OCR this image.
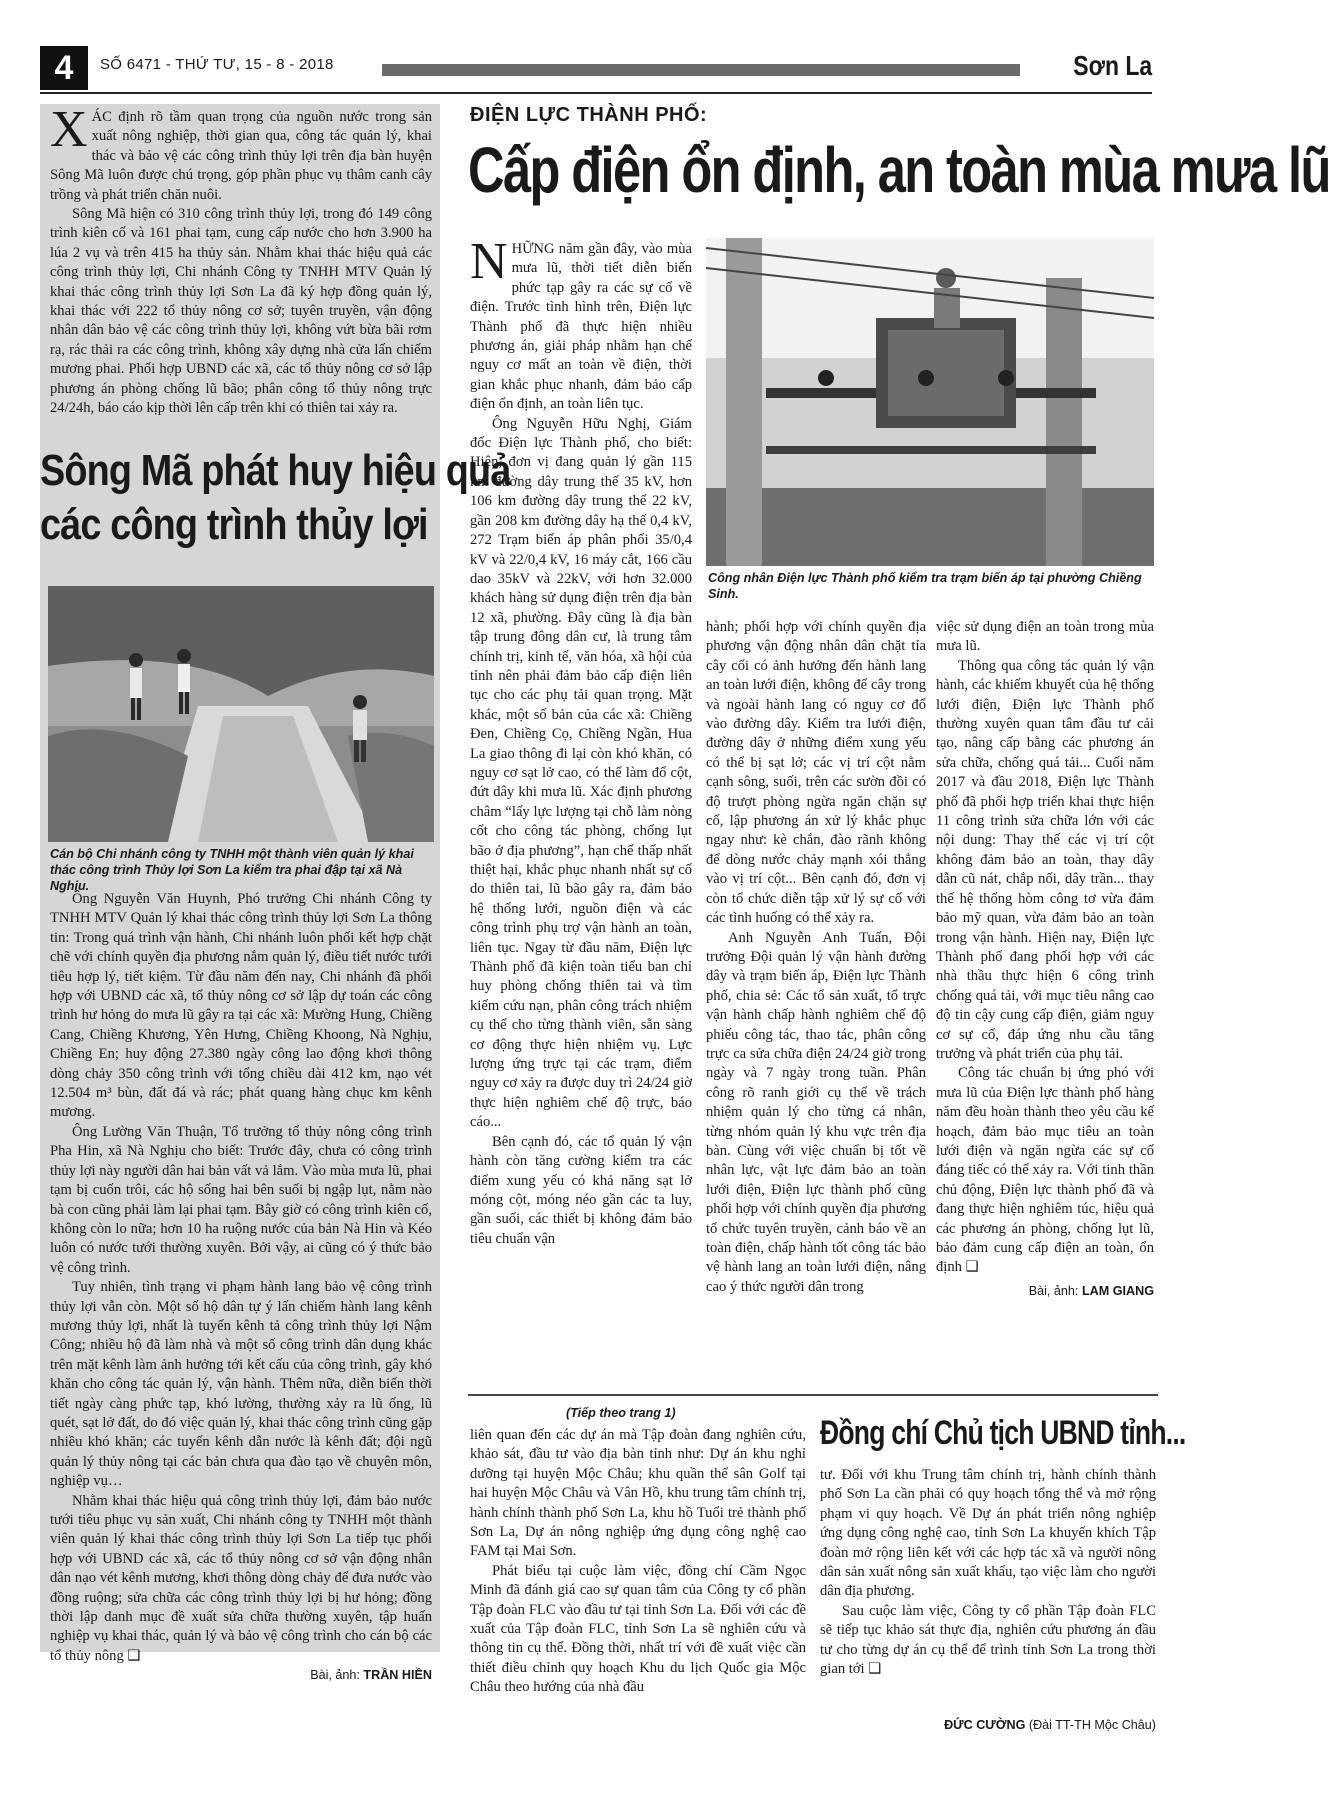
4	SỐ 6471 - THỨ TƯ, 15 - 8 - 2018	Sơn La

XÁC định rõ tầm quan trọng của nguồn nước trong sản xuất nông nghiệp, thời gian qua, công tác quản lý, khai thác và bảo vệ các công trình thủy lợi trên địa bàn huyện Sông Mã luôn được chú trọng, góp phần phục vụ thâm canh cây trồng và phát triển chăn nuôi.

Sông Mã hiện có 310 công trình thủy lợi, trong đó 149 công trình kiên cố và 161 phai tạm, cung cấp nước cho hơn 3.900 ha lúa 2 vụ và trên 415 ha thủy sản. Nhằm khai thác hiệu quả các công trình thủy lợi, Chi nhánh Công ty TNHH MTV Quản lý khai thác công trình thủy lợi Sơn La đã ký hợp đồng quản lý, khai thác với 222 tổ thủy nông cơ sở; tuyên truyền, vận động nhân dân bảo vệ các công trình thủy lợi, không vứt bừa bãi rơm rạ, rác thải ra các công trình, không xây dựng nhà cửa lấn chiếm mương phai. Phối hợp UBND các xã, các tổ thủy nông cơ sở lập phương án phòng chống lũ bão; phân công tổ thủy nông trực 24/24h, báo cáo kịp thời lên cấp trên khi có thiên tai xảy ra.

Sông Mã phát huy hiệu quả
các công trình thủy lợi
Cán bộ Chi nhánh công ty TNHH một thành viên quản lý khai thác công trình Thủy lợi Sơn La kiểm tra phai đập tại xã Nà Nghịu.

Ông Nguyễn Văn Huynh, Phó trưởng Chi nhánh Công ty TNHH MTV Quản lý khai thác công trình thủy lợi Sơn La thông tin: Trong quá trình vận hành, Chi nhánh luôn phối kết hợp chặt chẽ với chính quyền địa phương nắm quản lý, điều tiết nước tưới tiêu hợp lý, tiết kiệm. Từ đầu năm đến nay, Chi nhánh đã phối hợp với UBND các xã, tổ thủy nông cơ sở lập dự toán các công trình hư hỏng do mưa lũ gây ra tại các xã: Mường Hung, Chiềng Cang, Chiềng Khương, Yên Hưng, Chiềng Khoong, Nà Nghịu, Chiềng En; huy động 27.380 ngày công lao động khơi thông dòng chảy 350 công trình với tổng chiều dài 412 km, nạo vét 12.504 m³ bùn, đất đá và rác; phát quang hàng chục km kênh mương.

Ông Lường Văn Thuận, Tổ trưởng tổ thủy nông công trình Pha Hin, xã Nà Nghịu cho biết: Trước đây, chưa có công trình thủy lợi này người dân hai bản vất vả lắm. Vào mùa mưa lũ, phai tạm bị cuốn trôi, các hộ sống hai bên suối bị ngập lụt, nằm nào bà con cũng phải làm lại phai tạm. Bây giờ có công trình kiên cố, không còn lo nữa; hơn 10 ha ruộng nước của bản Nà Hin và Kéo luôn có nước tưới thường xuyên. Bởi vậy, ai cũng có ý thức bảo vệ công trình.

Tuy nhiên, tình trạng vi phạm hành lang bảo vệ công trình thủy lợi vẫn còn. Một số hộ dân tự ý lấn chiếm hành lang kênh mương thủy lợi, nhất là tuyến kênh tả công trình thủy lợi Nậm Công; nhiều hộ đã làm nhà và một số công trình dân dụng khác trên mặt kênh làm ảnh hưởng tới kết cấu của công trình, gây khó khăn cho công tác quản lý, vận hành. Thêm nữa, diễn biến thời tiết ngày càng phức tạp, khó lường, thường xảy ra lũ ống, lũ quét, sạt lở đất, do đó việc quản lý, khai thác công trình cũng gặp nhiều khó khăn; các tuyến kênh dẫn nước là kênh đất; đội ngũ quản lý thủy nông tại các bản chưa qua đào tạo về chuyên môn, nghiệp vụ…

Nhằm khai thác hiệu quả công trình thủy lợi, đảm bảo nước tưới tiêu phục vụ sản xuất, Chi nhánh công ty TNHH một thành viên quản lý khai thác công trình thủy lợi Sơn La tiếp tục phối hợp với UBND các xã, các tổ thủy nông cơ sở vận động nhân dân nạo vét kênh mương, khơi thông dòng chảy để đưa nước vào đồng ruộng; sửa chữa các công trình thủy lợi bị hư hỏng; đồng thời lập danh mục đề xuất sửa chữa thường xuyên, tập huấn nghiệp vụ khai thác, quản lý và bảo vệ công trình cho cán bộ các tổ thủy nông ❑

Bài, ảnh: TRẦN HIỀN
ĐIỆN LỰC THÀNH PHỐ:
Cấp điện ổn định, an toàn mùa mưa lũ

NHỮNG năm gần đây, vào mùa mưa lũ, thời tiết diễn biến phức tạp gây ra các sự cố về điện. Trước tình hình trên, Điện lực Thành phố đã thực hiện nhiều phương án, giải pháp nhằm hạn chế nguy cơ mất an toàn về điện, thời gian khắc phục nhanh, đảm bảo cấp điện ổn định, an toàn liên tục.

Ông Nguyễn Hữu Nghị, Giám đốc Điện lực Thành phố, cho biết: Hiện, đơn vị đang quản lý gần 115 km đường dây trung thế 35 kV, hơn 106 km đường dây trung thế 22 kV, gần 208 km đường dây hạ thế 0,4 kV, 272 Trạm biến áp phân phối 35/0,4 kV và 22/0,4 kV, 16 máy cắt, 166 cầu dao 35kV và 22kV, với hơn 32.000 khách hàng sử dụng điện trên địa bàn 12 xã, phường. Đây cũng là địa bàn tập trung đông dân cư, là trung tâm chính trị, kinh tế, văn hóa, xã hội của tỉnh nên phải đảm bảo cấp điện liên tục cho các phụ tải quan trọng. Mặt khác, một số bản của các xã: Chiềng Đen, Chiềng Cọ, Chiềng Ngần, Hua La giao thông đi lại còn khó khăn, có nguy cơ sạt lở cao, có thể làm đổ cột, đứt dây khi mưa lũ. Xác định phương châm “lấy lực lượng tại chỗ làm nòng cốt cho công tác phòng, chống lụt bão ở địa phương”, hạn chế thấp nhất thiệt hại, khắc phục nhanh nhất sự cố do thiên tai, lũ bão gây ra, đảm bảo hệ thống lưới, nguồn điện và các công trình phụ trợ vận hành an toàn, liên tục. Ngay từ đầu năm, Điện lực Thành phố đã kiện toàn tiểu ban chỉ huy phòng chống thiên tai và tìm kiếm cứu nạn, phân công trách nhiệm cụ thể cho từng thành viên, sẵn sàng cơ động thực hiện nhiệm vụ. Lực lượng ứng trực tại các trạm, điểm nguy cơ xảy ra được duy trì 24/24 giờ thực hiện nghiêm chế độ trực, báo cáo...

Bên cạnh đó, các tổ quản lý vận hành còn tăng cường kiểm tra các điểm xung yếu có khả năng sạt lở móng cột, móng néo gần các ta luy, gần suối, các thiết bị không đảm bảo tiêu chuẩn vận

Công nhân Điện lực Thành phố kiểm tra trạm biến áp tại phường Chiềng Sinh.

hành; phối hợp với chính quyền địa phương vận động nhân dân chặt tỉa cây cối có ảnh hưởng đến hành lang an toàn lưới điện, không để cây trong và ngoài hành lang có nguy cơ đổ vào đường dây. Kiểm tra lưới điện, đường dây ở những điểm xung yếu có thể bị sạt lở; các vị trí cột nằm cạnh sông, suối, trên các sườn đồi có độ trượt phòng ngừa ngăn chặn sự cố, lập phương án xử lý khắc phục ngay như: kè chắn, đào rãnh không để dòng nước chảy mạnh xói thẳng vào vị trí cột... Bên cạnh đó, đơn vị còn tổ chức diễn tập xử lý sự cố với các tình huống có thể xảy ra.

Anh Nguyễn Anh Tuấn, Đội trưởng Đội quản lý vận hành đường dây và trạm biến áp, Điện lực Thành phố, chia sẻ: Các tổ sản xuất, tổ trực vận hành chấp hành nghiêm chế độ phiếu công tác, thao tác, phân công trực ca sửa chữa điện 24/24 giờ trong ngày và 7 ngày trong tuần. Phân công rõ ranh giới cụ thể về trách nhiệm quản lý cho từng cá nhân, từng nhóm quản lý khu vực trên địa bàn. Cùng với việc chuẩn bị tốt về nhân lực, vật lực đảm bảo an toàn lưới điện, Điện lực thành phố cũng phối hợp với chính quyền địa phương tổ chức tuyên truyền, cảnh báo về an toàn điện, chấp hành tốt công tác bảo vệ hành lang an toàn lưới điện, nâng cao ý thức người dân trong

việc sử dụng điện an toàn trong mùa mưa lũ.

Thông qua công tác quản lý vận hành, các khiếm khuyết của hệ thống lưới điện, Điện lực Thành phố thường xuyên quan tâm đầu tư cải tạo, nâng cấp bằng các phương án sửa chữa, chống quá tải... Cuối năm 2017 và đầu 2018, Điện lực Thành phố đã phối hợp triển khai thực hiện 11 công trình sửa chữa lớn với các nội dung: Thay thế các vị trí cột không đảm bảo an toàn, thay dây dẫn cũ nát, chắp nối, dây trần... thay thế hệ thống hòm công tơ vừa đảm bảo mỹ quan, vừa đảm bảo an toàn trong vận hành. Hiện nay, Điện lực Thành phố đang phối hợp với các nhà thầu thực hiện 6 công trình chống quá tải, với mục tiêu nâng cao độ tin cậy cung cấp điện, giảm nguy cơ sự cố, đáp ứng nhu cầu tăng trưởng và phát triển của phụ tải.

Công tác chuẩn bị ứng phó với mưa lũ của Điện lực thành phố hàng năm đều hoàn thành theo yêu cầu kế hoạch, đảm bảo mục tiêu an toàn lưới điện và ngăn ngừa các sự cố đáng tiếc có thể xảy ra. Với tinh thần chủ động, Điện lực thành phố đã và đang thực hiện nghiêm túc, hiệu quả các phương án phòng, chống lụt lũ, bảo đảm cung cấp điện an toàn, ổn định ❑

Bài, ảnh: LAM GIANG
(Tiếp theo trang 1)
Đồng chí Chủ tịch UBND tỉnh...

liên quan đến các dự án mà Tập đoàn đang nghiên cứu, khảo sát, đầu tư vào địa bàn tỉnh như: Dự án khu nghỉ dưỡng tại huyện Mộc Châu; khu quần thể sân Golf tại hai huyện Mộc Châu và Vân Hồ, khu trung tâm chính trị, hành chính thành phố Sơn La, khu hồ Tuổi trẻ thành phố Sơn La, Dự án nông nghiệp ứng dụng công nghệ cao FAM tại Mai Sơn.

Phát biểu tại cuộc làm việc, đồng chí Cầm Ngọc Minh đã đánh giá cao sự quan tâm của Công ty cổ phần Tập đoàn FLC vào đầu tư tại tỉnh Sơn La. Đối với các đề xuất của Tập đoàn FLC, tỉnh Sơn La sẽ nghiên cứu và thông tin cụ thể. Đồng thời, nhất trí với đề xuất việc cần thiết điều chỉnh quy hoạch Khu du lịch Quốc gia Mộc Châu theo hướng của nhà đầu

tư. Đối với khu Trung tâm chính trị, hành chính thành phố Sơn La cần phải có quy hoạch tổng thể và mở rộng phạm vi quy hoạch. Về Dự án phát triển nông nghiệp ứng dụng công nghệ cao, tỉnh Sơn La khuyến khích Tập đoàn mở rộng liên kết với các hợp tác xã và người nông dân sản xuất nông sản xuất khẩu, tạo việc làm cho người dân địa phương.

Sau cuộc làm việc, Công ty cổ phần Tập đoàn FLC sẽ tiếp tục khảo sát thực địa, nghiên cứu phương án đầu tư cho từng dự án cụ thể để trình tỉnh Sơn La trong thời gian tới ❑

ĐỨC CƯỜNG (Đài TT-TH Mộc Châu)
